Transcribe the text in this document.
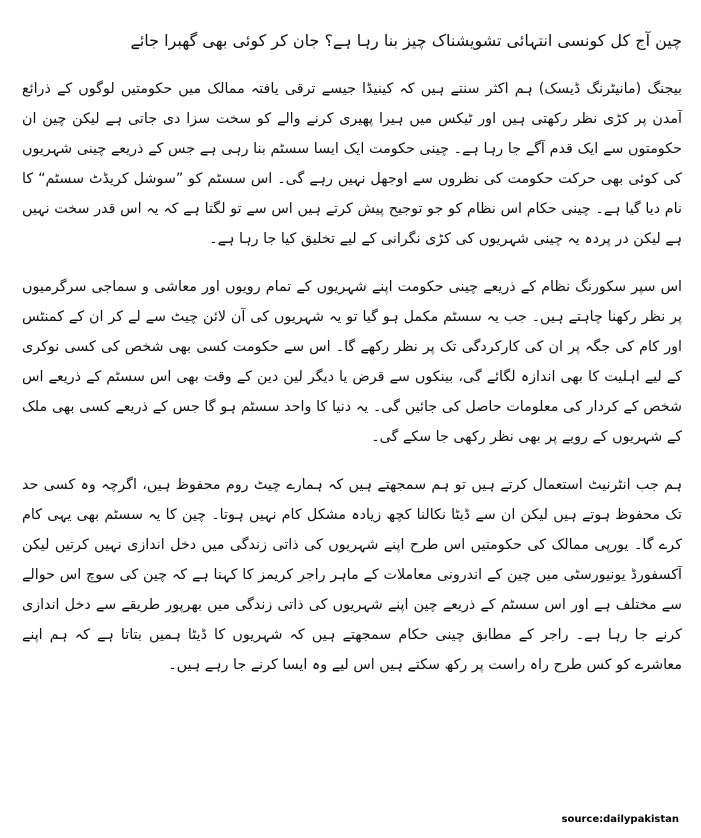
چین آج کل کونسی انتہائی تشویشناک چیز بنا رہا ہے؟ جان کر کوئی بھی گھبرا جائے

بیجنگ (مانیٹرنگ ڈیسک) ہم اکثر سنتے ہیں کہ کینیڈا جیسے ترقی یافتہ ممالک میں حکومتیں لوگوں کے ذرائع آمدن پر کڑی نظر رکھتی ہیں اور ٹیکس میں ہیرا پھیری کرنے والے کو سخت سزا دی جاتی ہے لیکن چین ان حکومتوں سے ایک قدم آگے جا رہا ہے۔ چینی حکومت ایک ایسا سسٹم بنا رہی ہے جس کے ذریعے چینی شہریوں کی کوئی بھی حرکت حکومت کی نظروں سے اوجھل نہیں رہے گی۔ اس سسٹم کو ”سوشل کریڈٹ سسٹم“ کا نام دیا گیا ہے۔ چینی حکام اس نظام کو جو توجیح پیش کرتے ہیں اس سے تو لگتا ہے کہ یہ اس قدر سخت نہیں ہے لیکن در پردہ یہ چینی شہریوں کی کڑی نگرانی کے لیے تخلیق کیا جا رہا ہے۔

اس سپر سکورنگ نظام کے ذریعے چینی حکومت اپنے شہریوں کے تمام رویوں اور معاشی و سماجی سرگرمیوں پر نظر رکھنا چاہتے ہیں۔ جب یہ سسٹم مکمل ہو گیا تو یہ شہریوں کی آن لائن چیٹ سے لے کر ان کے کمنٹس اور کام کی جگہ پر ان کی کارکردگی تک پر نظر رکھے گا۔ اس سے حکومت کسی بھی شخص کی کسی نوکری کے لیے اہلیت کا بھی اندازہ لگائے گی، بینکوں سے قرض یا دیگر لین دین کے وقت بھی اس سسٹم کے ذریعے اس شخص کے کردار کی معلومات حاصل کی جائیں گی۔ یہ دنیا کا واحد سسٹم ہو گا جس کے ذریعے کسی بھی ملک کے شہریوں کے رویے پر بھی نظر رکھی جا سکے گی۔

ہم جب انٹرنیٹ استعمال کرتے ہیں تو ہم سمجھتے ہیں کہ ہمارے چیٹ روم محفوظ ہیں، اگرچہ وہ کسی حد تک محفوظ ہوتے ہیں لیکن ان سے ڈیٹا نکالنا کچھ زیادہ مشکل کام نہیں ہوتا۔ چین کا یہ سسٹم بھی یہی کام کرے گا۔ یورپی ممالک کی حکومتیں اس طرح اپنے شہریوں کی ذاتی زندگی میں دخل اندازی نہیں کرتیں لیکن آکسفورڈ یونیورسٹی میں چین کے اندرونی معاملات کے ماہر راجر کریمز کا کہنا ہے کہ چین کی سوچ اس حوالے سے مختلف ہے اور اس سسٹم کے ذریعے چین اپنے شہریوں کی ذاتی زندگی میں بھرپور طریقے سے دخل اندازی کرنے جا رہا ہے۔ راجر کے مطابق چینی حکام سمجھتے ہیں کہ شہریوں کا ڈیٹا ہمیں بتاتا ہے کہ ہم اپنے معاشرے کو کس طرح راہ راست پر رکھ سکتے ہیں اس لیے وہ ایسا کرنے جا رہے ہیں۔

source:dailypakistan
